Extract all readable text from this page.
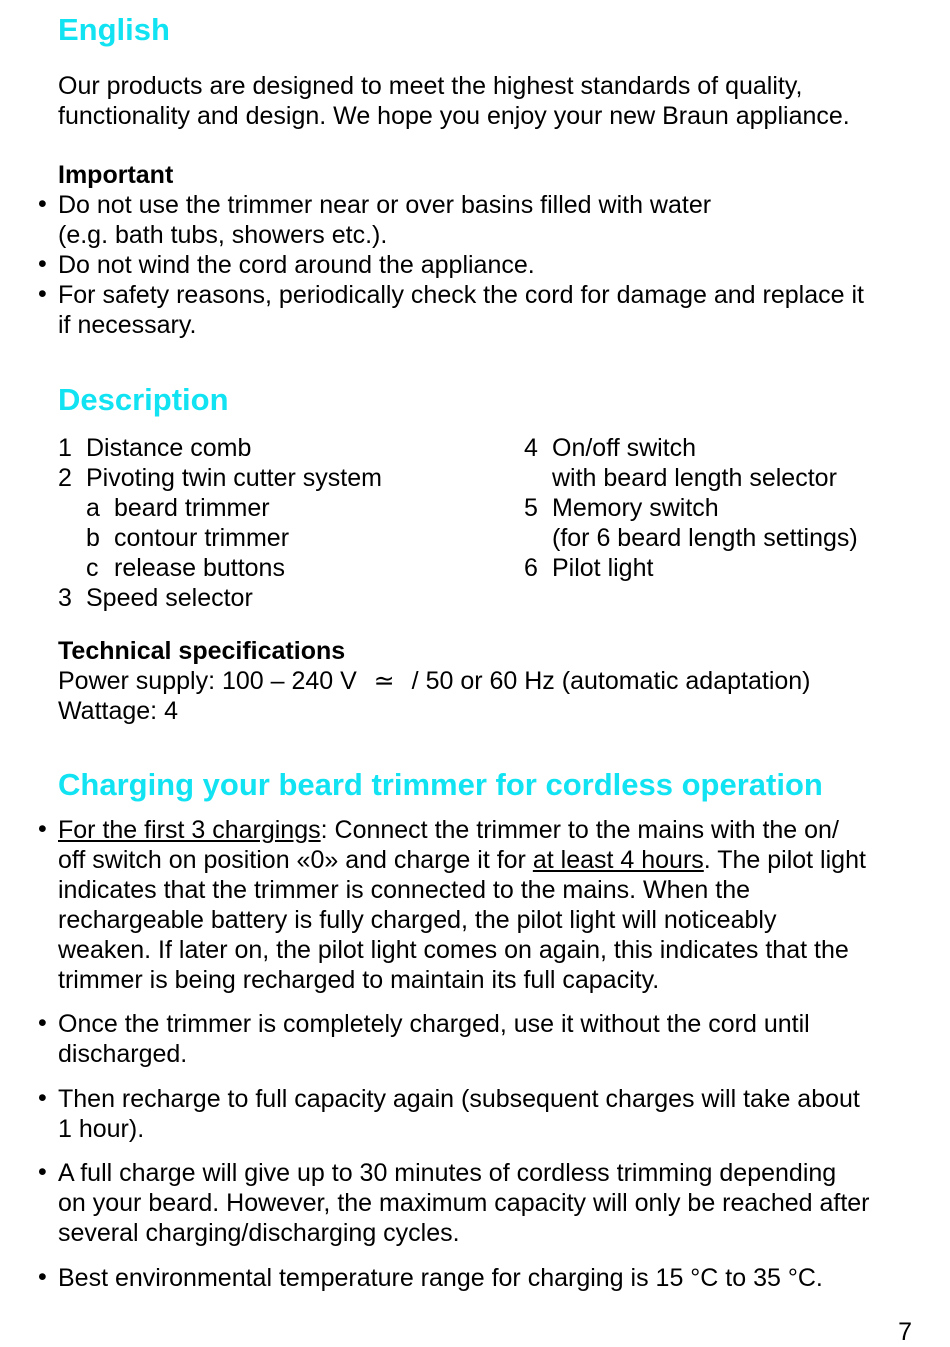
English
Our products are designed to meet the highest standards of quality,
functionality and design. We hope you enjoy your new Braun appliance.
Important
• Do not use the trimmer near or over basins filled with water
(e.g. bath tubs, showers etc.).
• Do not wind the cord around the appliance.
• For safety reasons, periodically check the cord for damage and replace it
if necessary.
Description
1 Distance comb
2 Pivoting twin cutter system
a beard trimmer
b contour trimmer
c release buttons
3 Speed selector
4 On/off switch
with beard length selector
5 Memory switch
(for 6 beard length settings)
6 Pilot light
Technical specifications
Power supply: 100 – 240 V ≃ / 50 or 60 Hz (automatic adaptation)
Wattage: 4
Charging your beard trimmer for cordless operation
• For the first 3 chargings: Connect the trimmer to the mains with the on/
off switch on position «0» and charge it for at least 4 hours. The pilot light
indicates that the trimmer is connected to the mains. When the
rechargeable battery is fully charged, the pilot light will noticeably
weaken. If later on, the pilot light comes on again, this indicates that the
trimmer is being recharged to maintain its full capacity.
• Once the trimmer is completely charged, use it without the cord until
discharged.
• Then recharge to full capacity again (subsequent charges will take about
1 hour).
• A full charge will give up to 30 minutes of cordless trimming depending
on your beard. However, the maximum capacity will only be reached after
several charging/discharging cycles.
• Best environmental temperature range for charging is 15 °C to 35 °C.
7
